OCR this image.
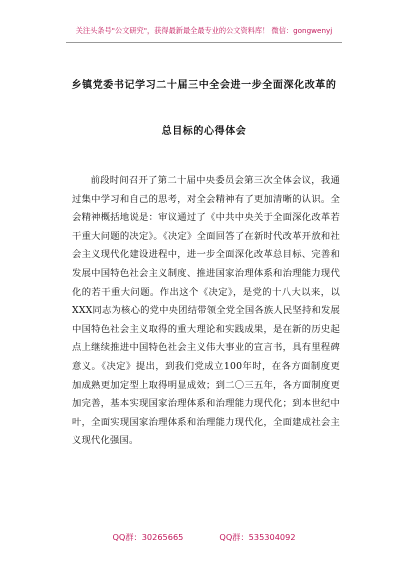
关注头条号"公文研究"，获得最新最全最专业的公文资料库！ 微信：gongwenyj
乡镇党委书记学习二十届三中全会进一步全面深化改革的
总目标的心得体会

前段时间召开了第二十届中央委员会第三次全体会议，我通过集中学习和自己的思考，对全会精神有了更加清晰的认识。全会精神概括地说是：审议通过了《中共中央关于全面深化改革若干重大问题的决定》。《决定》全面回答了在新时代改革开放和社会主义现代化建设进程中，进一步全面深化改革总目标、完善和发展中国特色社会主义制度、推进国家治理体系和治理能力现代化的若干重大问题。作出这个《决定》，是党的十八大以来，以XXX同志为核心的党中央团结带领全党全国各族人民坚持和发展中国特色社会主义取得的重大理论和实践成果，是在新的历史起点上继续推进中国特色社会主义伟大事业的宣言书，具有里程碑意义。《决定》提出，到我们党成立100年时，在各方面制度更加成熟更加定型上取得明显成效；到二〇三五年，各方面制度更加完善，基本实现国家治理体系和治理能力现代化；到本世纪中叶，全面实现国家治理体系和治理能力现代化，全面建成社会主义现代化强国。

QQ群：30265665	QQ群：535304092
